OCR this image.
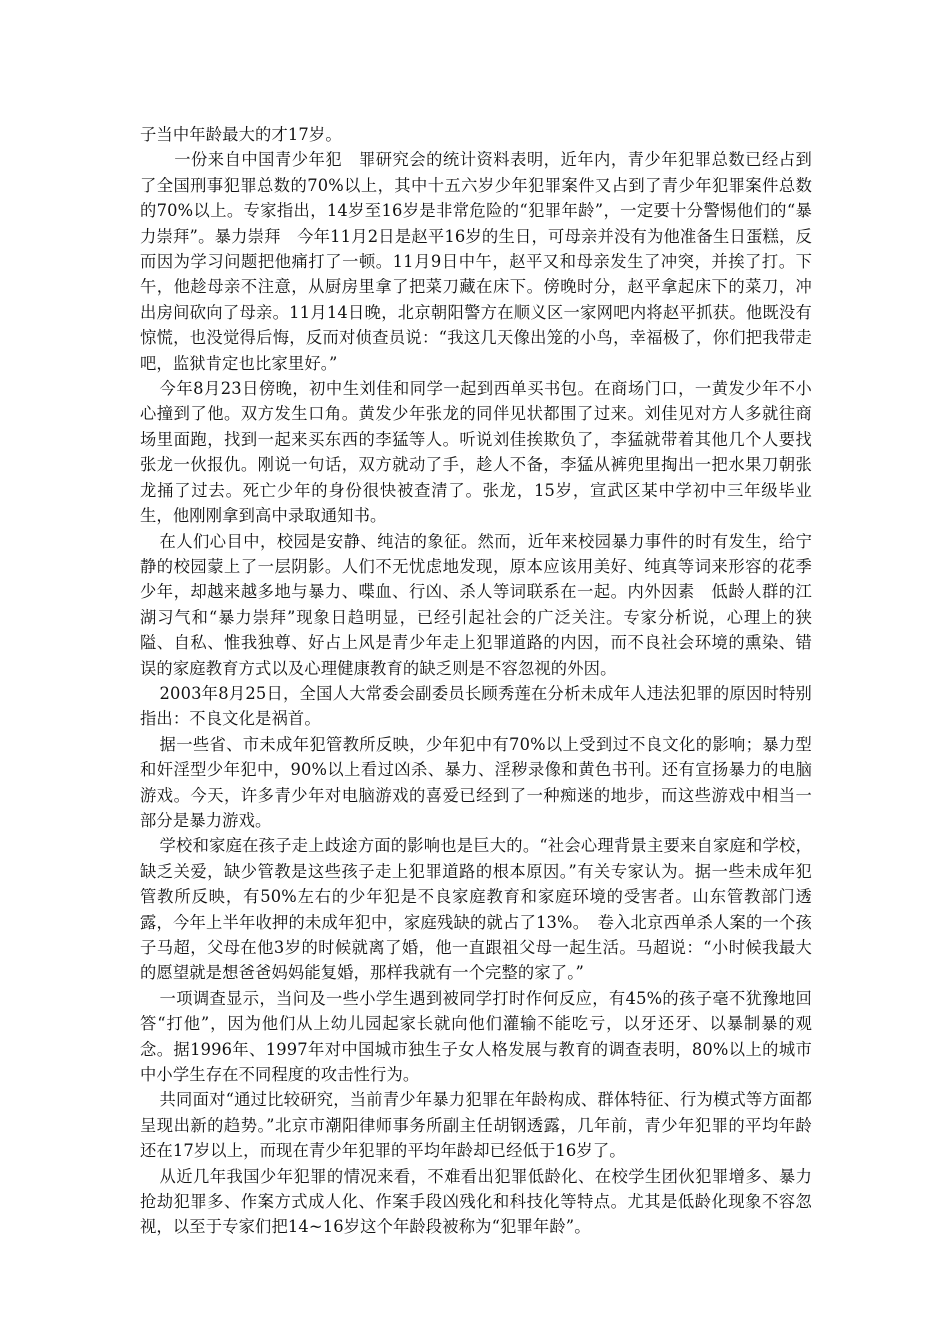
子当中年龄最大的才17岁。

一份来自中国青少年犯　罪研究会的统计资料表明，近年内，青少年犯罪总数已经占到了全国刑事犯罪总数的70%以上，其中十五六岁少年犯罪案件又占到了青少年犯罪案件总数的70%以上。专家指出，14岁至16岁是非常危险的“犯罪年龄”，一定要十分警惕他们的“暴力崇拜”。暴力崇拜　今年11月2日是赵平16岁的生日，可母亲并没有为他准备生日蛋糕，反而因为学习问题把他痛打了一顿。11月9日中午，赵平又和母亲发生了冲突，并挨了打。下午，他趁母亲不注意，从厨房里拿了把菜刀藏在床下。傍晚时分，赵平拿起床下的菜刀，冲出房间砍向了母亲。11月14日晚，北京朝阳警方在顺义区一家网吧内将赵平抓获。他既没有惊慌，也没觉得后悔，反而对侦查员说：“我这几天像出笼的小鸟，幸福极了，你们把我带走吧，监狱肯定也比家里好。”

今年8月23日傍晚，初中生刘佳和同学一起到西单买书包。在商场门口，一黄发少年不小心撞到了他。双方发生口角。黄发少年张龙的同伴见状都围了过来。刘佳见对方人多就往商场里面跑，找到一起来买东西的李猛等人。听说刘佳挨欺负了，李猛就带着其他几个人要找张龙一伙报仇。刚说一句话，双方就动了手，趁人不备，李猛从裤兜里掏出一把水果刀朝张龙捅了过去。死亡少年的身份很快被查清了。张龙，15岁，宣武区某中学初中三年级毕业生，他刚刚拿到高中录取通知书。

在人们心目中，校园是安静、纯洁的象征。然而，近年来校园暴力事件的时有发生，给宁静的校园蒙上了一层阴影。人们不无忧虑地发现，原本应该用美好、纯真等词来形容的花季少年，却越来越多地与暴力、喋血、行凶、杀人等词联系在一起。内外因素　低龄人群的江湖习气和“暴力崇拜”现象日趋明显，已经引起社会的广泛关注。专家分析说，心理上的狭隘、自私、惟我独尊、好占上风是青少年走上犯罪道路的内因，而不良社会环境的熏染、错误的家庭教育方式以及心理健康教育的缺乏则是不容忽视的外因。

2003年8月25日，全国人大常委会副委员长顾秀莲在分析未成年人违法犯罪的原因时特别指出：不良文化是祸首。

据一些省、市未成年犯管教所反映，少年犯中有70%以上受到过不良文化的影响；暴力型和奸淫型少年犯中，90%以上看过凶杀、暴力、淫秽录像和黄色书刊。还有宣扬暴力的电脑游戏。今天，许多青少年对电脑游戏的喜爱已经到了一种痴迷的地步，而这些游戏中相当一部分是暴力游戏。

学校和家庭在孩子走上歧途方面的影响也是巨大的。“社会心理背景主要来自家庭和学校，缺乏关爱，缺少管教是这些孩子走上犯罪道路的根本原因。”有关专家认为。据一些未成年犯管教所反映，有50%左右的少年犯是不良家庭教育和家庭环境的受害者。山东管教部门透露，今年上半年收押的未成年犯中，家庭残缺的就占了13%。　卷入北京西单杀人案的一个孩子马超，父母在他3岁的时候就离了婚，他一直跟祖父母一起生活。马超说：“小时候我最大的愿望就是想爸爸妈妈能复婚，那样我就有一个完整的家了。”

一项调查显示，当问及一些小学生遇到被同学打时作何反应，有45%的孩子毫不犹豫地回答“打他”，因为他们从上幼儿园起家长就向他们灌输不能吃亏，以牙还牙、以暴制暴的观念。据1996年、1997年对中国城市独生子女人格发展与教育的调查表明，80%以上的城市中小学生存在不同程度的攻击性行为。

共同面对“通过比较研究，当前青少年暴力犯罪在年龄构成、群体特征、行为模式等方面都呈现出新的趋势。”北京市潮阳律师事务所副主任胡钢透露，几年前，青少年犯罪的平均年龄还在17岁以上，而现在青少年犯罪的平均年龄却已经低于16岁了。

从近几年我国少年犯罪的情况来看，不难看出犯罪低龄化、在校学生团伙犯罪增多、暴力抢劫犯罪多、作案方式成人化、作案手段凶残化和科技化等特点。尤其是低龄化现象不容忽视，以至于专家们把14~16岁这个年龄段被称为“犯罪年龄”。
